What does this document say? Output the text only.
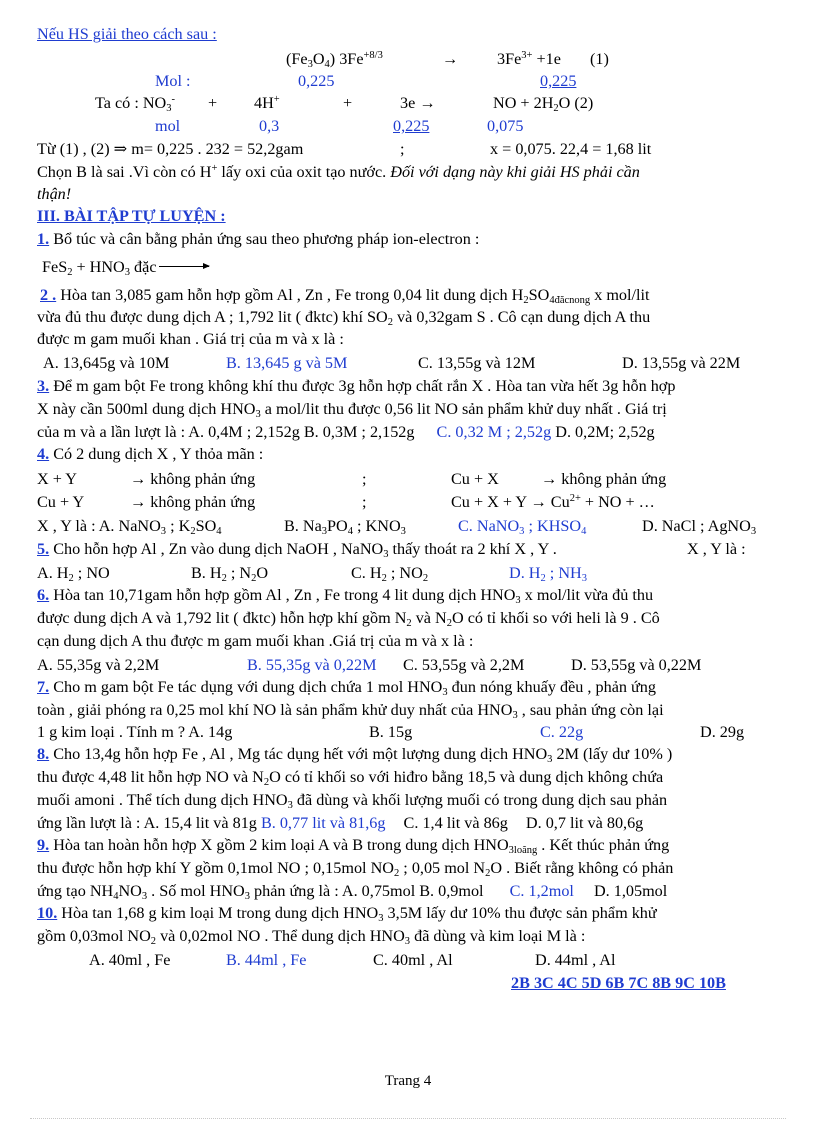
Nếu HS giải theo cách sau :
$(Fe_3O_4)$ $3Fe^{+8/3}$	→ $3Fe^{3+} +1e$ (1)
Mol :	0,225	0,225
Ta có : $NO_3^- + 4H^+$	+	3e →	NO + $2H_2O$ (2)
mol	0,3	0,225	0,075
Từ (1) , (2) ⇒ m= 0,225 . 232 = 52,2gam	;	x = 0,075. 22,4 = 1,68 lit
Chọn B là sai .Vì còn có H+ lấy oxi của oxit tạo nước. Đối với dạng này khi giải HS phải cần
thận!
III. BÀI TẬP TỰ LUYỆN :
1. Bổ túc và cân bằng phản ứng sau theo phương pháp ion-electron :
$FeS_2 + HNO_3$ đặc
2 . Hòa tan 3,085 gam hỗn hợp gồm Al , Zn , Fe trong 0,04 lit dung dịch $H_2SO_{4đăcnong}$ x mol/lit
vừa đủ thu được dung dịch A ; 1,792 lit ( đktc) khí $SO_2$ và 0,32gam S . Cô cạn dung dịch A thu
được m gam muối khan . Giá trị của m và x là :
A. 13,645g và 10M	B. 13,645 g và 5M	C. 13,55g và 12M	D. 13,55g và 22M
3. Để m gam bột Fe trong không khí thu được 3g hỗn hợp chất rắn X . Hòa tan vừa hết 3g hỗn hợp
X này cần 500ml dung dịch $HNO_3$ a mol/lit thu được 0,56 lit NO sản phẩm khử duy nhất . Giá trị
của m và a lần lượt là : A. 0,4M ; 2,152g B. 0,3M ; 2,152g C. 0,32 M ; 2,52g D. 0,2M; 2,52g
4. Có 2 dung dịch X , Y thỏa mãn :
X + Y	→ không phản ứng	;	Cu + X	→ không phản ứng
Cu + Y	→ không phản ứng	;	$Cu + X + Y \to Cu^{2+}$ + NO + …
X , Y là : A. NaNO$_3$ ; $K_2SO_4$	B. $Na_3PO_4$ ; $KNO_3$	C. NaNO$_3$ ; $KHSO_4$	D. NaCl ; AgNO$_3$
5. Cho hỗn hợp Al , Zn vào dung dịch NaOH , NaNO$_3$ thấy thoát ra 2 khí X , Y .	X , Y là :
A. $H_2$ ; NO	B. $H_2$ ; $N_2O$	C. $H_2$ ; $NO_2$	D. $H_2$ ; $NH_3$
6. Hòa tan 10,71gam hỗn hợp gồm Al , Zn , Fe trong 4 lit dung dịch $HNO_3$ x mol/lit vừa đủ thu
được dung dịch A và 1,792 lit ( đktc) hỗn hợp khí gồm $N_2$ và $N_2O$ có tỉ khối so với heli là 9 . Cô
cạn dung dịch A thu được m gam muối khan .Giá trị của m và x là :
A. 55,35g và 2,2M	B. 55,35g và 0,22M C. 53,55g và 2,2M	D. 53,55g và 0,22M
7. Cho m gam bột Fe tác dụng với dung dịch chứa 1 mol $HNO_3$ đun nóng khuấy đều , phản ứng
toàn , giải phóng ra 0,25 mol khí NO là sản phẩm khử duy nhất của $HNO_3$ , sau phản ứng còn lại
1 g kim loại . Tính m ? A. 14g	B. 15g	C. 22g	D. 29g
8. Cho 13,4g hỗn hợp Fe , Al , Mg tác dụng hết với một lượng dung dịch $HNO_3$ 2M (lấy dư 10% )
thu được 4,48 lit hỗn hợp NO và $N_2O$ có tỉ khối so với hiđro bằng 18,5 và dung dịch không chứa
muối amoni . Thể tích dung dịch $HNO_3$ đã dùng và khối lượng muối có trong dung dịch sau phản
ứng lần lượt là : A. 15,4 lit và 81g B. 0,77 lit và 81,6g C. 1,4 lit và 86g D. 0,7 lit và 80,6g
9. Hòa tan hoàn hỗn hợp X gồm 2 kim loại A và B trong dung dịch $HNO_{3loãng}$ . Kết thúc phản ứng
thu được hỗn hợp khí Y gồm 0,1mol NO ; 0,15mol $NO_2$ ; 0,05 mol $N_2O$ . Biết rằng không có phản
ứng tạo $NH_4NO_3$ . Số mol $HNO_3$ phản ứng là : A. 0,75mol B. 0,9mol C. 1,2mol D. 1,05mol
10. Hòa tan 1,68 g kim loại M trong dung dịch $HNO_3$ 3,5M lấy dư 10% thu được sản phẩm khử
gồm 0,03mol $NO_2$ và 0,02mol NO . Thể dung dịch $HNO_3$ đã dùng và kim loại M là :
A. 40ml , Fe	B. 44ml , Fe	C. 40ml , Al	D. 44ml , Al
2B 3C 4C 5D 6B 7C 8B 9C 10B
Trang 4
